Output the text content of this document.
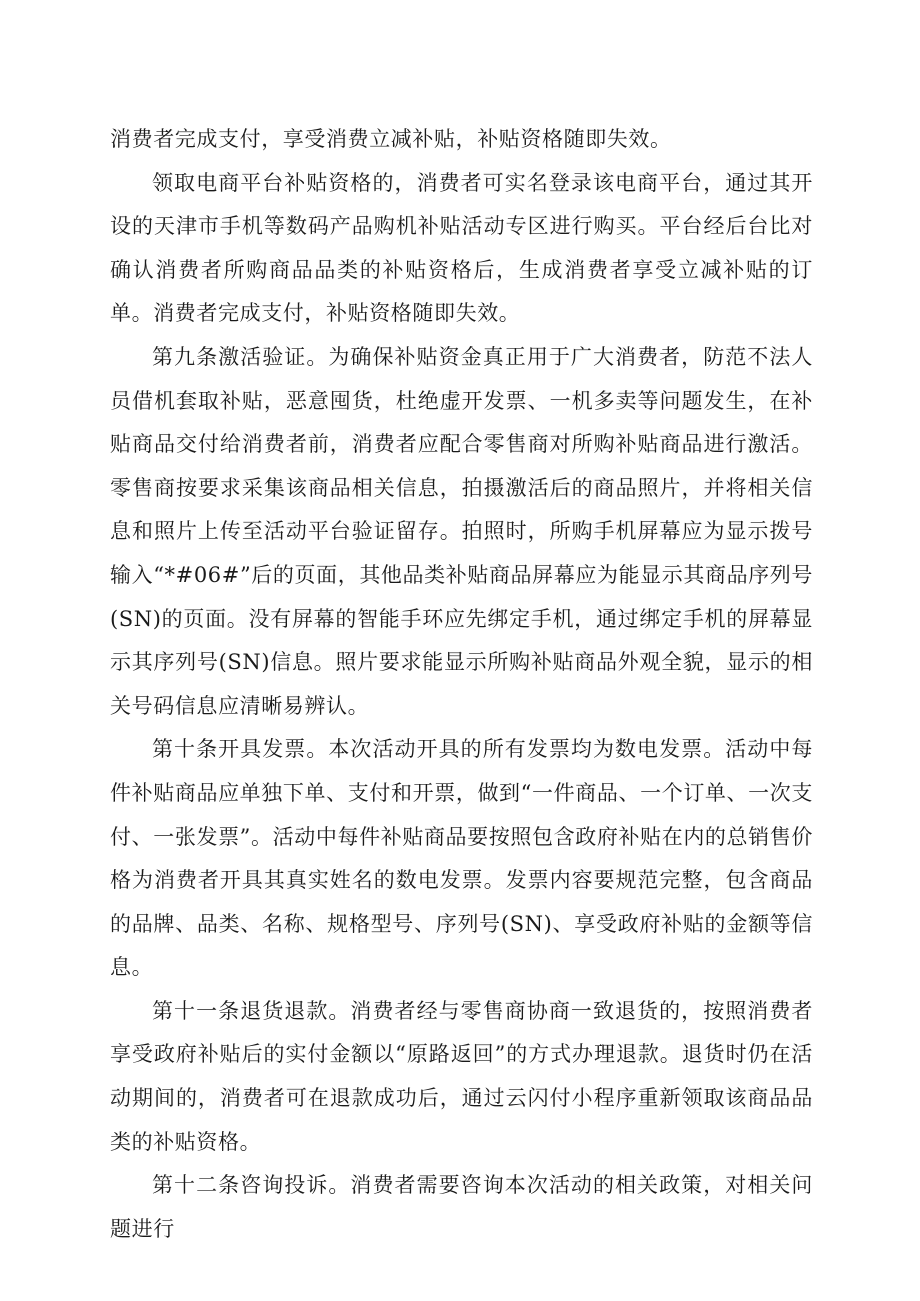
消费者完成支付，享受消费立减补贴，补贴资格随即失效。

领取电商平台补贴资格的，消费者可实名登录该电商平台，通过其开设的天津市手机等数码产品购机补贴活动专区进行购买。平台经后台比对确认消费者所购商品品类的补贴资格后，生成消费者享受立减补贴的订单。消费者完成支付，补贴资格随即失效。

第九条激活验证。为确保补贴资金真正用于广大消费者，防范不法人员借机套取补贴，恶意囤货，杜绝虚开发票、一机多卖等问题发生，在补贴商品交付给消费者前，消费者应配合零售商对所购补贴商品进行激活。零售商按要求采集该商品相关信息，拍摄激活后的商品照片，并将相关信息和照片上传至活动平台验证留存。拍照时，所购手机屏幕应为显示拨号输入“*#06#”后的页面，其他品类补贴商品屏幕应为能显示其商品序列号(SN)的页面。没有屏幕的智能手环应先绑定手机，通过绑定手机的屏幕显示其序列号(SN)信息。照片要求能显示所购补贴商品外观全貌，显示的相关号码信息应清晰易辨认。

第十条开具发票。本次活动开具的所有发票均为数电发票。活动中每件补贴商品应单独下单、支付和开票，做到“一件商品、一个订单、一次支付、一张发票”。活动中每件补贴商品要按照包含政府补贴在内的总销售价格为消费者开具其真实姓名的数电发票。发票内容要规范完整，包含商品的品牌、品类、名称、规格型号、序列号(SN)、享受政府补贴的金额等信息。

第十一条退货退款。消费者经与零售商协商一致退货的，按照消费者享受政府补贴后的实付金额以“原路返回”的方式办理退款。退货时仍在活动期间的，消费者可在退款成功后，通过云闪付小程序重新领取该商品品类的补贴资格。

第十二条咨询投诉。消费者需要咨询本次活动的相关政策，对相关问题进行
